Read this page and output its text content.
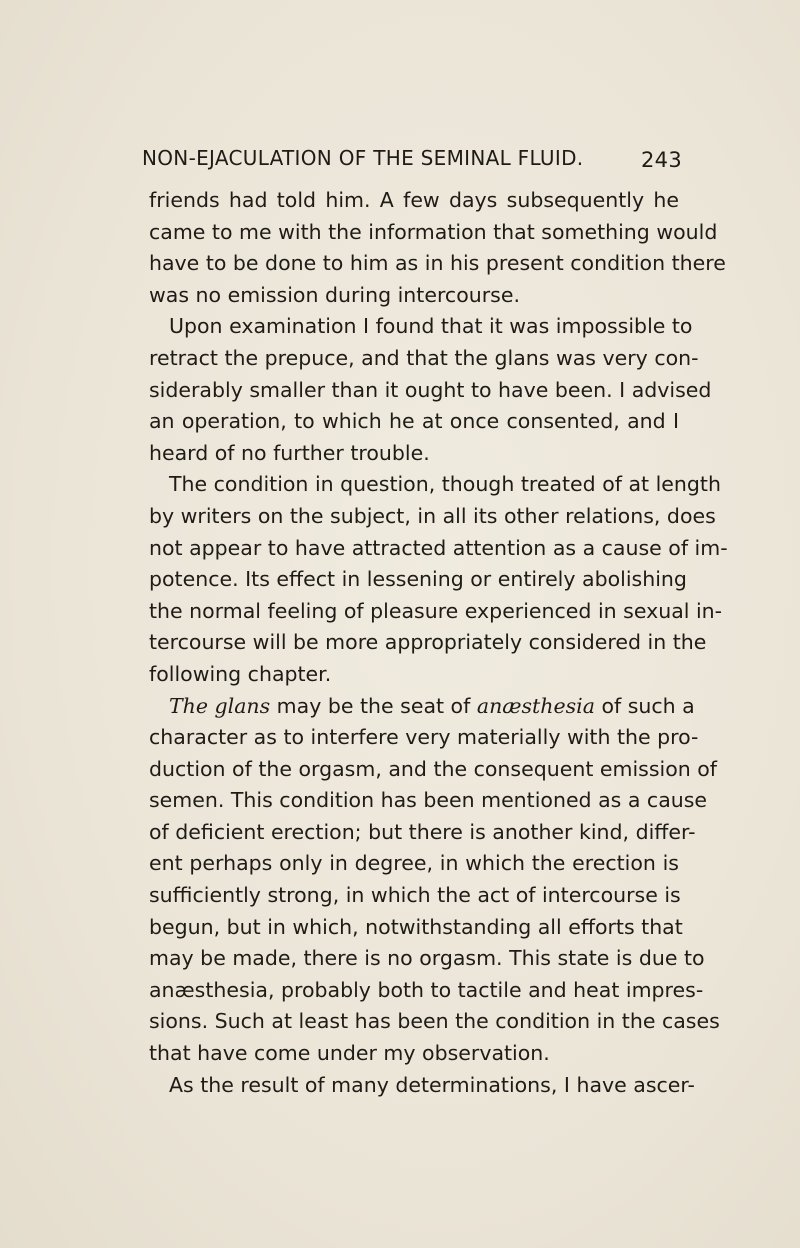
NON-EJACULATION OF THE SEMINAL FLUID.	243
friends had told him. A few days subsequently he
came to me with the information that something would
have to be done to him as in his present condition there
was no emission during intercourse.
Upon examination I found that it was impossible to
retract the prepuce, and that the glans was very con-
siderably smaller than it ought to have been. I advised
an operation, to which he at once consented, and I
heard of no further trouble.
The condition in question, though treated of at length
by writers on the subject, in all its other relations, does
not appear to have attracted attention as a cause of im-
potence. Its effect in lessening or entirely abolishing
the normal feeling of pleasure experienced in sexual in-
tercourse will be more appropriately considered in the
following chapter.
The glans may be the seat of anæsthesia of such a
character as to interfere very materially with the pro-
duction of the orgasm, and the consequent emission of
semen. This condition has been mentioned as a cause
of deficient erection; but there is another kind, differ-
ent perhaps only in degree, in which the erection is
sufficiently strong, in which the act of intercourse is
begun, but in which, notwithstanding all efforts that
may be made, there is no orgasm. This state is due to
anæsthesia, probably both to tactile and heat impres-
sions. Such at least has been the condition in the cases
that have come under my observation.
As the result of many determinations, I have ascer-
